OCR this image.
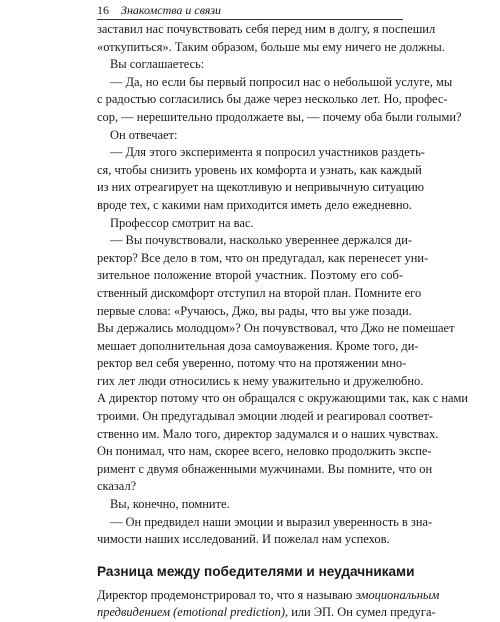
16	Знакомства и связи
заставил нас почувствовать себя перед ним в долгу, я поспешил
«откупиться». Таким образом, больше мы ему ничего не должны.
Вы соглашаетесь:
— Да, но если бы первый попросил нас о небольшой услуге, мы
с радостью согласились бы даже через несколько лет. Но, профес-
сор, — нерешительно продолжаете вы, — почему оба были голыми?
Он отвечает:
— Для этого эксперимента я попросил участников раздеть-
ся, чтобы снизить уровень их комфорта и узнать, как каждый
из них отреагирует на щекотливую и непривычную ситуацию
вроде тех, с какими нам приходится иметь дело ежедневно.
Профессор смотрит на вас.
— Вы почувствовали, насколько увереннее держался ди-
ректор? Все дело в том, что он предугадал, как перенесет уни-
зительное положение второй участник. Поэтому его соб-
ственный дискомфорт отступил на второй план. Помните его
первые слова: «Ручаюсь, Джо, вы рады, что вы уже позади.
Вы держались молодцом»? Он почувствовал, что Джо не помешает
мешает дополнительная доза самоуважения. Кроме того, ди-
ректор вел себя уверенно, потому что на протяжении мно-
гих лет люди относились к нему уважительно и дружелюбно.
А директор потому что он обращался с окружающими так, как с нами
троими. Он предугадывал эмоции людей и реагировал соответ-
ственно им. Мало того, директор задумался и о наших чувствах.
Он понимал, что нам, скорее всего, неловко продолжить экспе-
римент с двумя обнаженными мужчинами. Вы помните, что он
сказал?
Вы, конечно, помните.
— Он предвидел наши эмоции и выразил уверенность в зна-
чимости наших исследований. И пожелал нам успехов.
Разница между победителями и неудачниками
Директор продемонстрировал то, что я называю эмоциональным
предвидением (emotional prediction), или ЭП. Он сумел предуга-
